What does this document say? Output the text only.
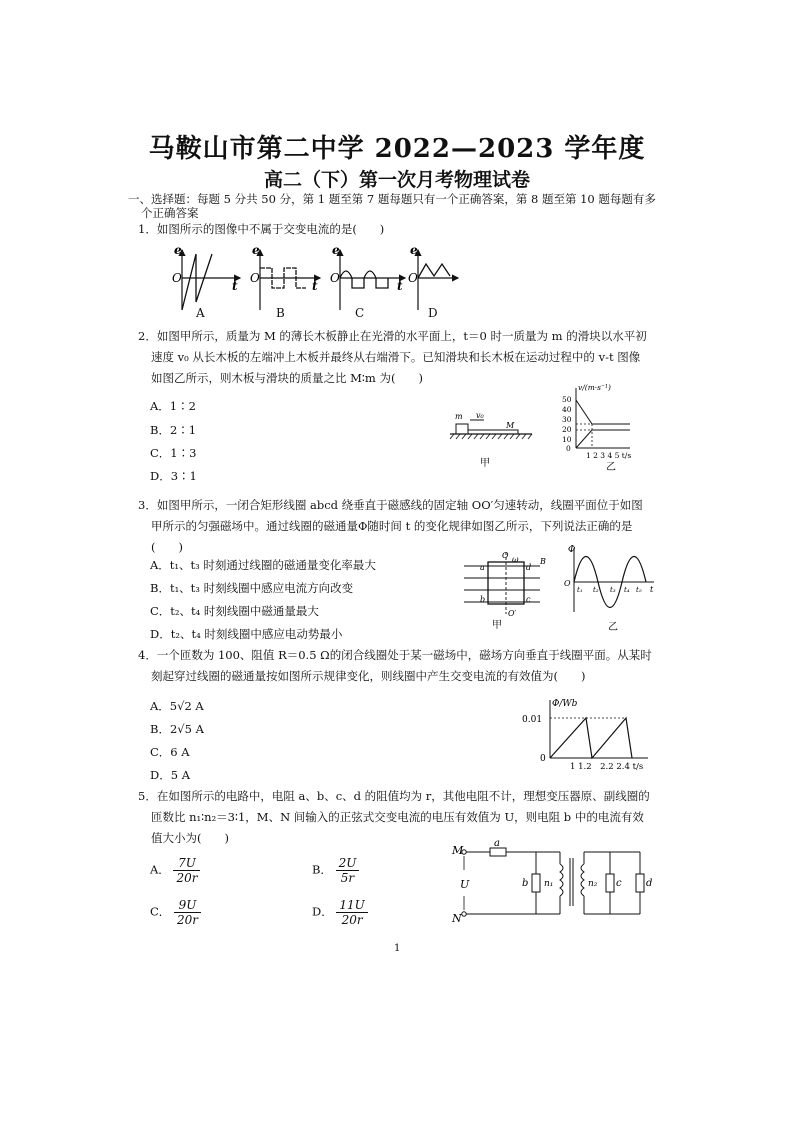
马鞍山市第二中学 2022—2023 学年度
高二（下）第一次月考物理试卷
一、选择题：每题 5 分共 50 分，第 1 题至第 7 题每题只有一个正确答案，第 8 题至第 10 题每题有多
个正确答案
1．如图所示的图像中不属于交变电流的是(　　)
e
O
t
e
O
t
e
O
t
e
O
A	B	C	D
2．如图甲所示，质量为 M 的薄长木板静止在光滑的水平面上，t＝0 时一质量为 m 的滑块以水平初
速度 v₀ 从长木板的左端冲上木板并最终从右端滑下。已知滑块和长木板在运动过程中的 v-t 图像
如图乙所示，则木板与滑块的质量之比 M∶m 为(　　)
A．1∶2
B．2∶1
C．1∶3
D．3∶1
m v₀
M
甲
v/(m·s⁻¹)
50
40
30
20
10
0
1 2 3 4 5 t/s
乙
3．如图甲所示，一闭合矩形线圈 abcd 绕垂直于磁感线的固定轴 OO′匀速转动，线圈平面位于如图
甲所示的匀强磁场中。通过线圈的磁通量Φ随时间 t 的变化规律如图乙所示，下列说法正确的是
(　　)
A．t₁、t₃ 时刻通过线圈的磁通量变化率最大
B．t₁、t₃ 时刻线圈中感应电流方向改变
C．t₂、t₄ 时刻线圈中磁通量最大
D．t₂、t₄ 时刻线圈中感应电动势最小
O ω	B
a	d
b	c
O′
甲
Φ
O
t₁ t₂ t₃ t₄ t₅ t
乙
4．一个匝数为 100、阻值 R＝0.5 Ω的闭合线圈处于某一磁场中，磁场方向垂直于线圈平面。从某时
刻起穿过线圈的磁通量按如图所示规律变化，则线圈中产生交变电流的有效值为(　　)
A．5√2 A
B．2√5 A
C．6 A
D．5 A
Φ/Wb
0.01
0
1 1.2　2.2 2.4 t/s
5．在如图所示的电路中，电阻 a、b、c、d 的阻值均为 r，其他电阻不计，理想变压器原、副线圈的
匝数比 n₁∶n₂＝3∶1，M、N 间输入的正弦式交变电流的电压有效值为 U，则电阻 b 中的电流有效
值大小为(　　)
A． $\frac{7U}{20r}$	B． $\frac{2U}{5r}$
C． $\frac{9U}{20r}$	D． $\frac{11U}{20r}$
M
N
U
a
b n₁	n₂ c d
1
